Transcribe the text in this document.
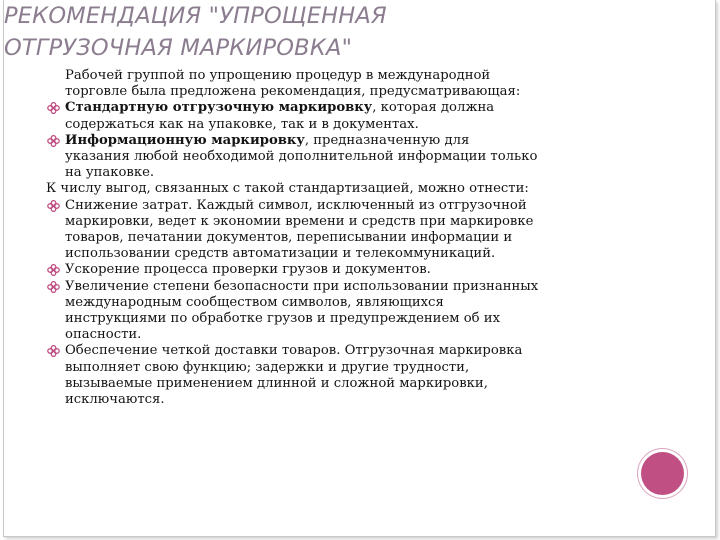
РЕКОМЕНДАЦИЯ "УПРОЩЕННАЯ
ОТГРУЗОЧНАЯ МАРКИРОВКА"
Рабочей группой по упрощению процедур в международной
торговле была предложена рекомендация, предусматривающая:
Стандартную отгрузочную маркировку, которая должна
содержаться как на упаковке, так и в документах.
Информационную маркировку, предназначенную для
указания любой необходимой дополнительной информации только
на упаковке.
К числу выгод, связанных с такой стандартизацией, можно отнести:
Снижение затрат. Каждый символ, исключенный из отгрузочной
маркировки, ведет к экономии времени и средств при маркировке
товаров, печатании документов, переписывании информации и
использовании средств автоматизации и телекоммуникаций.
Ускорение процесса проверки грузов и документов.
Увеличение степени безопасности при использовании признанных
международным сообществом символов, являющихся
инструкциями по обработке грузов и предупреждением об их
опасности.
Обеспечение четкой доставки товаров. Отгрузочная маркировка
выполняет свою функцию; задержки и другие трудности,
вызываемые применением длинной и сложной маркировки,
исключаются.
